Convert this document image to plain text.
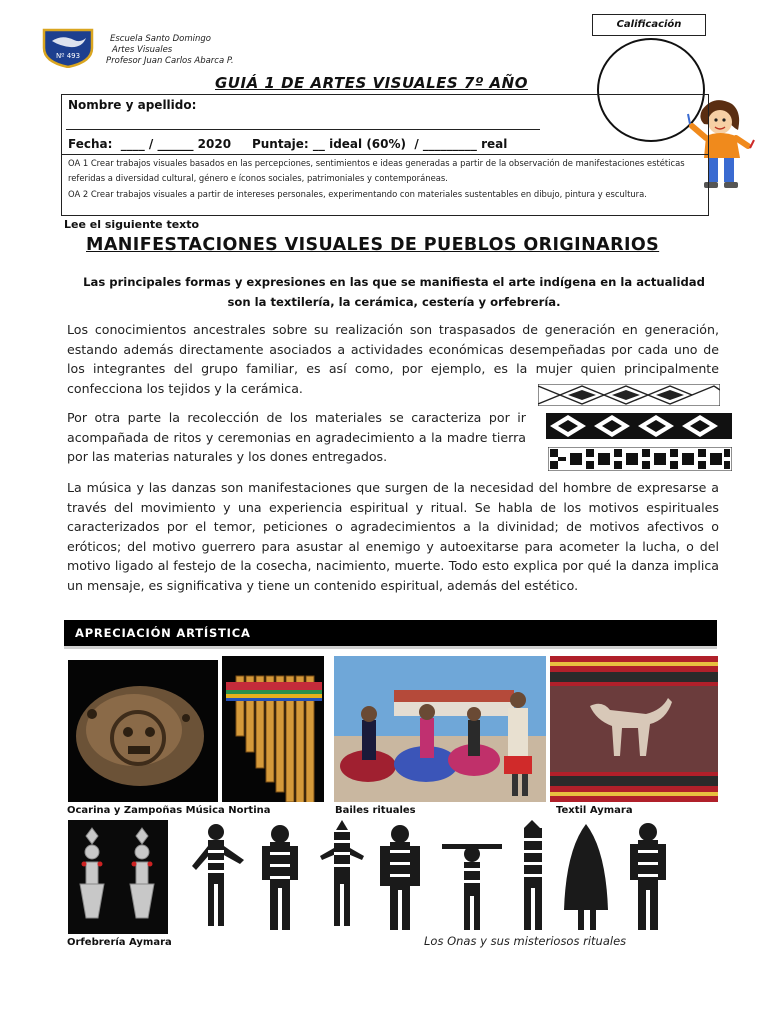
Nº 493
Escuela Santo Domingo
Artes Visuales
Profesor Juan Carlos Abarca P.
Calificación
GUIÁ 1 DE ARTES VISUALES 7º AÑO
Nombre y apellido:
Fecha:  ____ / ______ 2020     Puntaje: __ ideal (60%)  / _________ real
OA 1 Crear trabajos visuales basados en las percepciones, sentimientos e ideas generadas a partir de la observación de manifestaciones estéticas referidas a diversidad cultural, género e íconos sociales, patrimoniales y contemporáneas.
OA 2 Crear trabajos visuales a partir de intereses personales, experimentando con materiales sustentables en dibujo, pintura y escultura.
Lee el siguiente texto
MANIFESTACIONES VISUALES DE PUEBLOS ORIGINARIOS
Las principales formas y expresiones en las que se manifiesta el arte indígena en la actualidad son la textilería, la cerámica, cestería y orfebrería.
Los conocimientos ancestrales sobre su realización son traspasados de generación en generación, estando además directamente asociados a actividades económicas desempeñadas por cada uno de los integrantes del grupo familiar, es así como, por ejemplo, es la mujer quien principalmente confecciona los tejidos y la cerámica.
Por otra parte la recolección de los materiales se caracteriza por ir acompañada de ritos y ceremonias en agradecimiento a la madre tierra por las materias naturales y los dones entregados.
La música y las danzas son manifestaciones que surgen de la necesidad del hombre de expresarse a través del movimiento y una experiencia espiritual y ritual. Se habla de los motivos espirituales caracterizados por el temor, peticiones o agradecimientos a la divinidad; de motivos afectivos o eróticos; del motivo guerrero para asustar al enemigo y autoexitarse para acometer la lucha, o del motivo ligado al festejo de la cosecha, nacimiento, muerte. Todo esto explica por qué la danza implica un mensaje, es significativa y tiene un contenido espiritual, además del estético.
APRECIACIÓN ARTÍSTICA
Ocarina y Zampoñas Música Nortina	Bailes rituales	Textil Aymara
Orfebrería Aymara	Los Onas y sus misteriosos rituales
